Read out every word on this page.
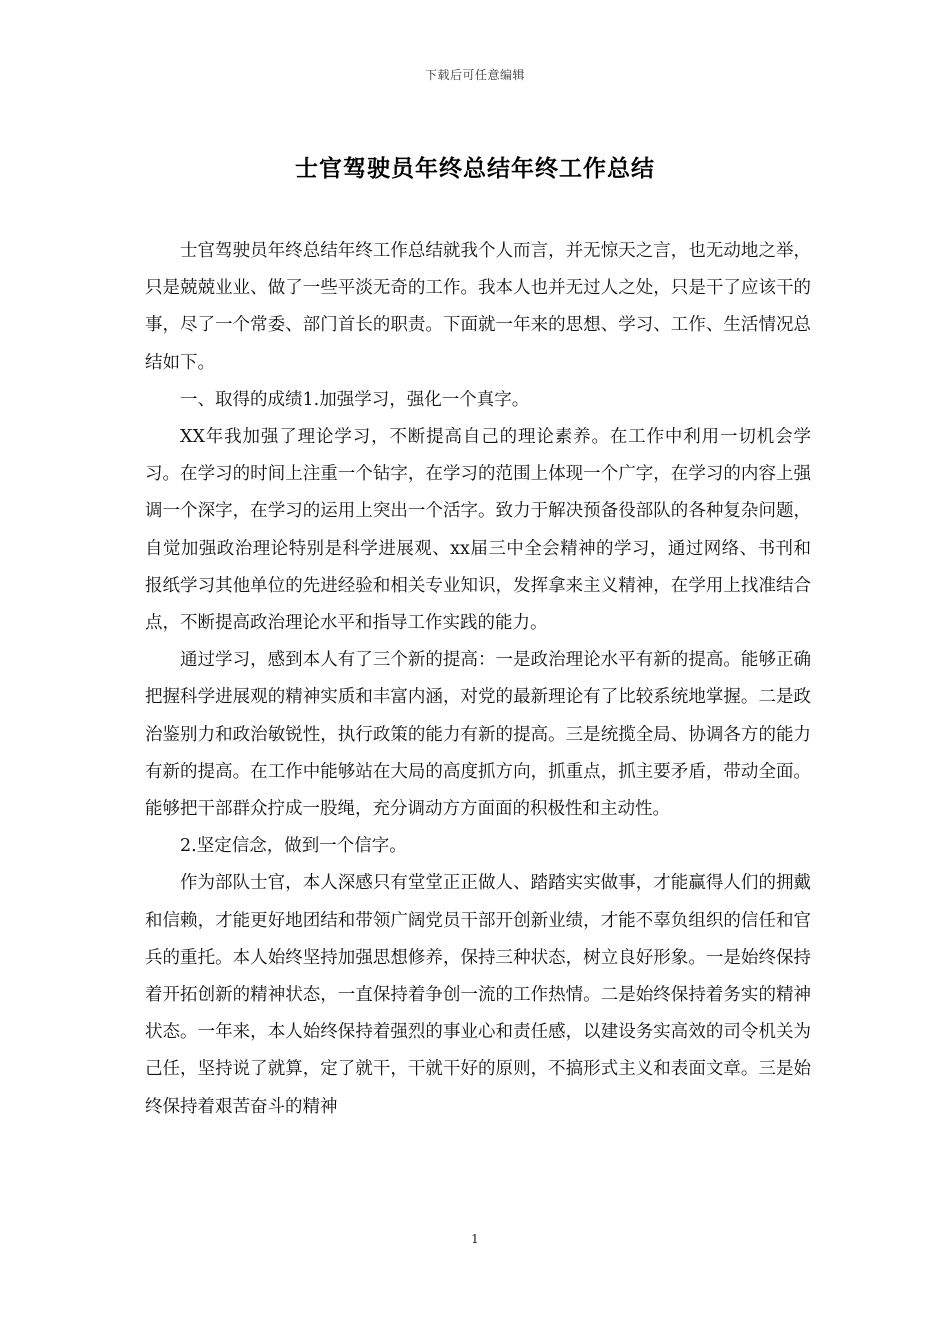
下载后可任意编辑
士官驾驶员年终总结年终工作总结

士官驾驶员年终总结年终工作总结就我个人而言，并无惊天之言，也无动地之举，只是兢兢业业、做了一些平淡无奇的工作。我本人也并无过人之处，只是干了应该干的事，尽了一个常委、部门首长的职责。下面就一年来的思想、学习、工作、生活情况总结如下。

一、取得的成绩1.加强学习，强化一个真字。

XX年我加强了理论学习，不断提高自己的理论素养。在工作中利用一切机会学习。在学习的时间上注重一个钻字，在学习的范围上体现一个广字，在学习的内容上强调一个深字，在学习的运用上突出一个活字。致力于解决预备役部队的各种复杂问题，自觉加强政治理论特别是科学进展观、xx届三中全会精神的学习，通过网络、书刊和报纸学习其他单位的先进经验和相关专业知识，发挥拿来主义精神，在学用上找准结合点，不断提高政治理论水平和指导工作实践的能力。

通过学习，感到本人有了三个新的提高：一是政治理论水平有新的提高。能够正确把握科学进展观的精神实质和丰富内涵，对党的最新理论有了比较系统地掌握。二是政治鉴别力和政治敏锐性，执行政策的能力有新的提高。三是统揽全局、协调各方的能力有新的提高。在工作中能够站在大局的高度抓方向，抓重点，抓主要矛盾，带动全面。能够把干部群众拧成一股绳，充分调动方方面面的积极性和主动性。

2.坚定信念，做到一个信字。

作为部队士官，本人深感只有堂堂正正做人、踏踏实实做事，才能赢得人们的拥戴和信赖，才能更好地团结和带领广阔党员干部开创新业绩，才能不辜负组织的信任和官兵的重托。本人始终坚持加强思想修养，保持三种状态，树立良好形象。一是始终保持着开拓创新的精神状态，一直保持着争创一流的工作热情。二是始终保持着务实的精神状态。一年来，本人始终保持着强烈的事业心和责任感，以建设务实高效的司令机关为己任，坚持说了就算，定了就干，干就干好的原则，不搞形式主义和表面文章。三是始终保持着艰苦奋斗的精神

1
